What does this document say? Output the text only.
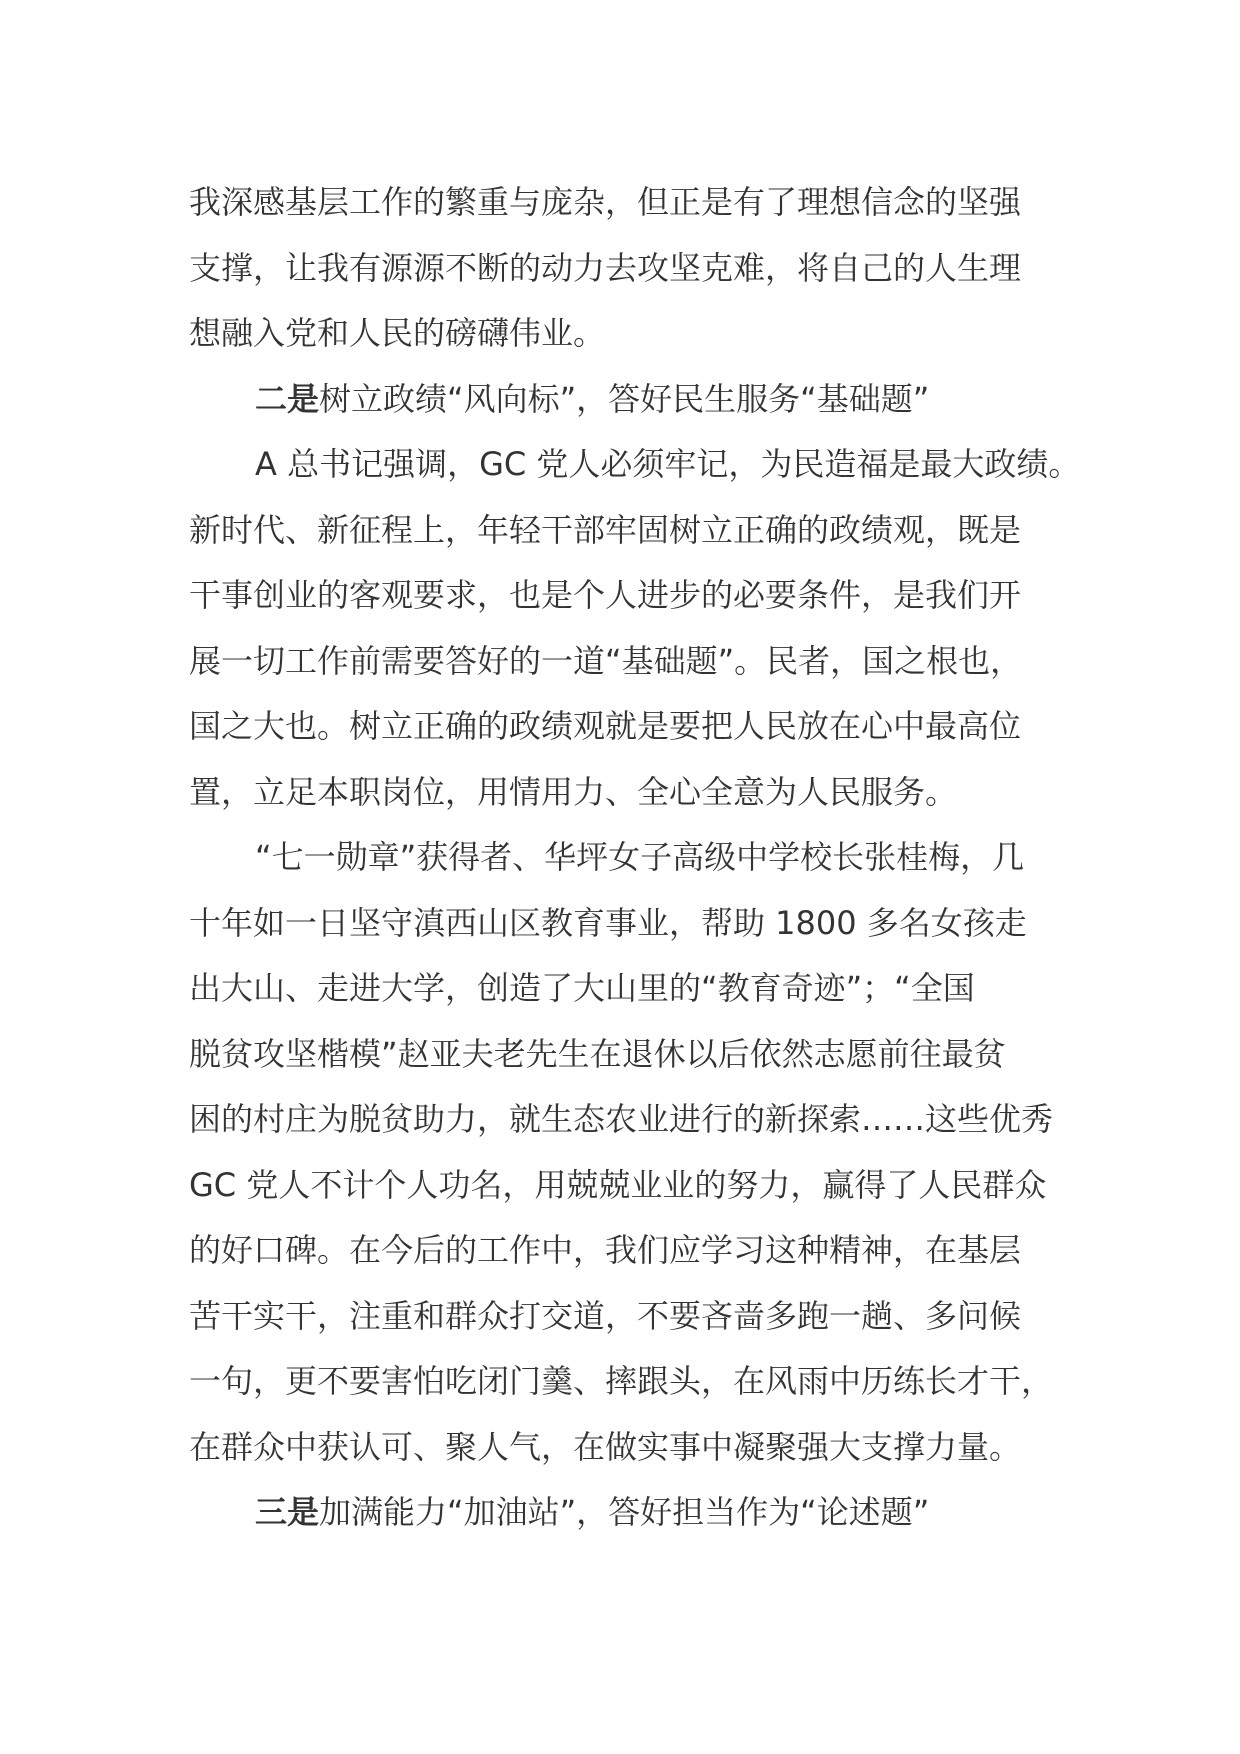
我深感基层工作的繁重与庞杂，但正是有了理想信念的坚强
支撑，让我有源源不断的动力去攻坚克难，将自己的人生理
想融入党和人民的磅礴伟业。
二是树立政绩“风向标”，答好民生服务“基础题”
A 总书记强调，GC 党人必须牢记，为民造福是最大政绩。
新时代、新征程上，年轻干部牢固树立正确的政绩观，既是
干事创业的客观要求，也是个人进步的必要条件，是我们开
展一切工作前需要答好的一道“基础题”。民者，国之根也，
国之大也。树立正确的政绩观就是要把人民放在心中最高位
置，立足本职岗位，用情用力、全心全意为人民服务。
“七一勋章”获得者、华坪女子高级中学校长张桂梅，几
十年如一日坚守滇西山区教育事业，帮助 1800 多名女孩走
出大山、走进大学，创造了大山里的“教育奇迹”；“全国
脱贫攻坚楷模”赵亚夫老先生在退休以后依然志愿前往最贫
困的村庄为脱贫助力，就生态农业进行的新探索……这些优秀
GC 党人不计个人功名，用兢兢业业的努力，赢得了人民群众
的好口碑。在今后的工作中，我们应学习这种精神，在基层
苦干实干，注重和群众打交道，不要吝啬多跑一趟、多问候
一句，更不要害怕吃闭门羹、摔跟头，在风雨中历练长才干，
在群众中获认可、聚人气，在做实事中凝聚强大支撑力量。
三是加满能力“加油站”，答好担当作为“论述题”
